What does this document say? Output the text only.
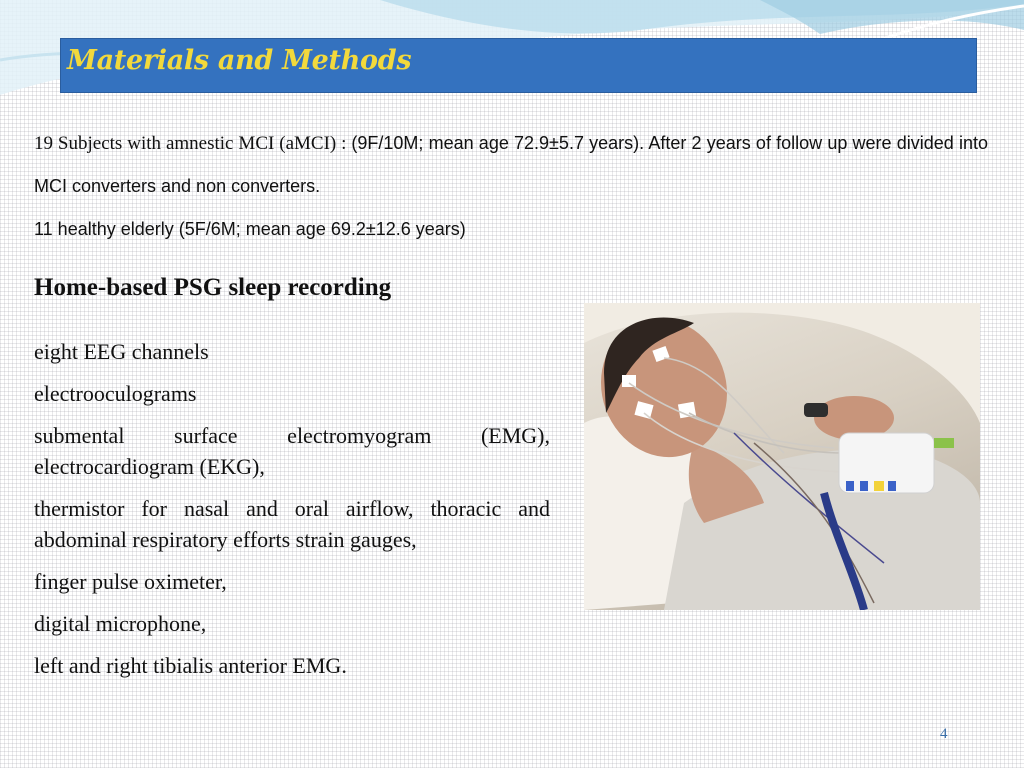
Materials and Methods
19 Subjects with amnestic MCI (aMCI) : (9F/10M; mean age 72.9±5.7 years). After 2 years of follow up were divided into MCI converters and non converters.
11 healthy elderly (5F/6M; mean age 69.2±12.6 years)
Home-based PSG sleep recording
eight EEG channels
electrooculograms
submental surface electromyogram (EMG), electrocardiogram (EKG),
thermistor for nasal and oral airflow, thoracic and abdominal respiratory efforts strain gauges,
finger pulse oximeter,
digital microphone,
left and right tibialis anterior EMG.
4
